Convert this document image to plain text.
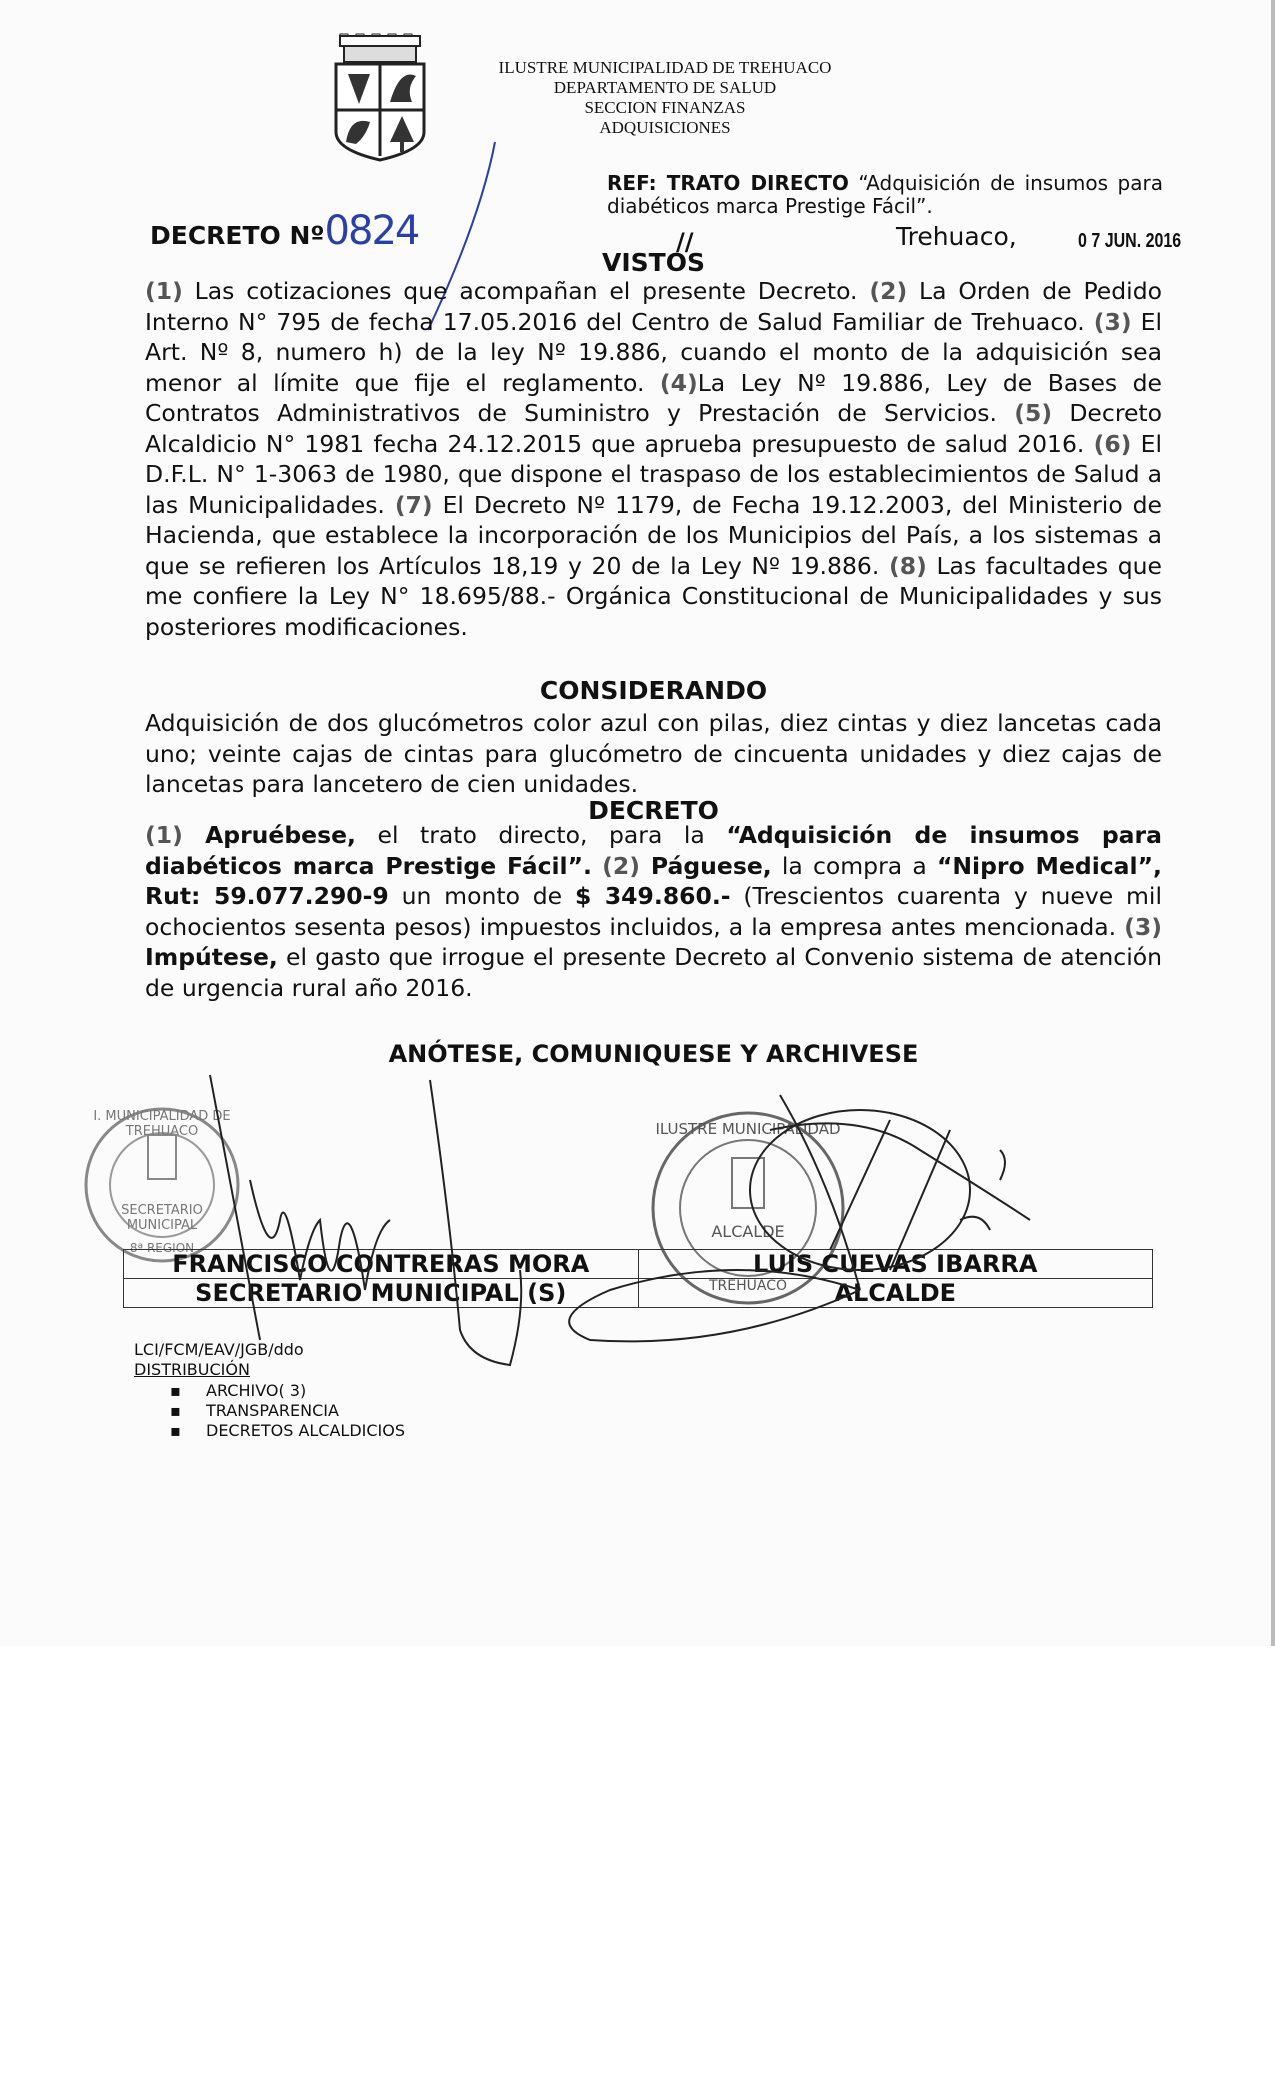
ILUSTRE MUNICIPALIDAD DE TREHUACO
DEPARTAMENTO DE SALUD
SECCION FINANZAS
ADQUISICIONES
REF: TRATO DIRECTO “Adquisición de insumos para diabéticos marca Prestige Fácil”.
DECRETO Nº0824	//	Trehuaco,	0 7 JUN. 2016
VISTOS
(1) Las cotizaciones que acompañan el presente Decreto. (2) La Orden de Pedido Interno N° 795 de fecha 17.05.2016 del Centro de Salud Familiar de Trehuaco. (3) El Art. Nº 8, numero h) de la ley Nº 19.886, cuando el monto de la adquisición sea menor al límite que fije el reglamento. (4)La Ley Nº 19.886, Ley de Bases de Contratos Administrativos de Suministro y Prestación de Servicios. (5) Decreto Alcaldicio N° 1981 fecha 24.12.2015 que aprueba presupuesto de salud 2016. (6) El D.F.L. N° 1-3063 de 1980, que dispone el traspaso de los establecimientos de Salud a las Municipalidades. (7) El Decreto Nº 1179, de Fecha 19.12.2003, del Ministerio de Hacienda, que establece la incorporación de los Municipios del País, a los sistemas a que se refieren los Artículos 18,19 y 20 de la Ley Nº 19.886. (8) Las facultades que me confiere la Ley N° 18.695/88.- Orgánica Constitucional de Municipalidades y sus posteriores modificaciones.
CONSIDERANDO
Adquisición de dos glucómetros color azul con pilas, diez cintas y diez lancetas cada uno; veinte cajas de cintas para glucómetro de cincuenta unidades y diez cajas de lancetas para lancetero de cien unidades.
DECRETO
(1) Apruébese, el trato directo, para la “Adquisición de insumos para diabéticos marca Prestige Fácil”. (2) Páguese, la compra a “Nipro Medical”, Rut: 59.077.290-9 un monto de $ 349.860.- (Trescientos cuarenta y nueve mil ochocientos sesenta pesos) impuestos incluidos, a la empresa antes mencionada. (3) Impútese, el gasto que irrogue el presente Decreto al Convenio sistema de atención de urgencia rural año 2016.
ANÓTESE, COMUNIQUESE Y ARCHIVESE
I. MUNICIPALIDAD DE TREHUACO
SECRETARIO
MUNICIPAL
8ª REGION
ILUSTRE MUNICIPALIDAD
ALCALDE
TREHUACO
FRANCISCO CONTRERAS MORA	LUIS CUEVAS IBARRA
SECRETARIO MUNICIPAL (S)	ALCALDE
LCI/FCM/EAV/JGB/ddo
DISTRIBUCIÓN
▪ ARCHIVO( 3)
▪ TRANSPARENCIA
▪ DECRETOS ALCALDICIOS
